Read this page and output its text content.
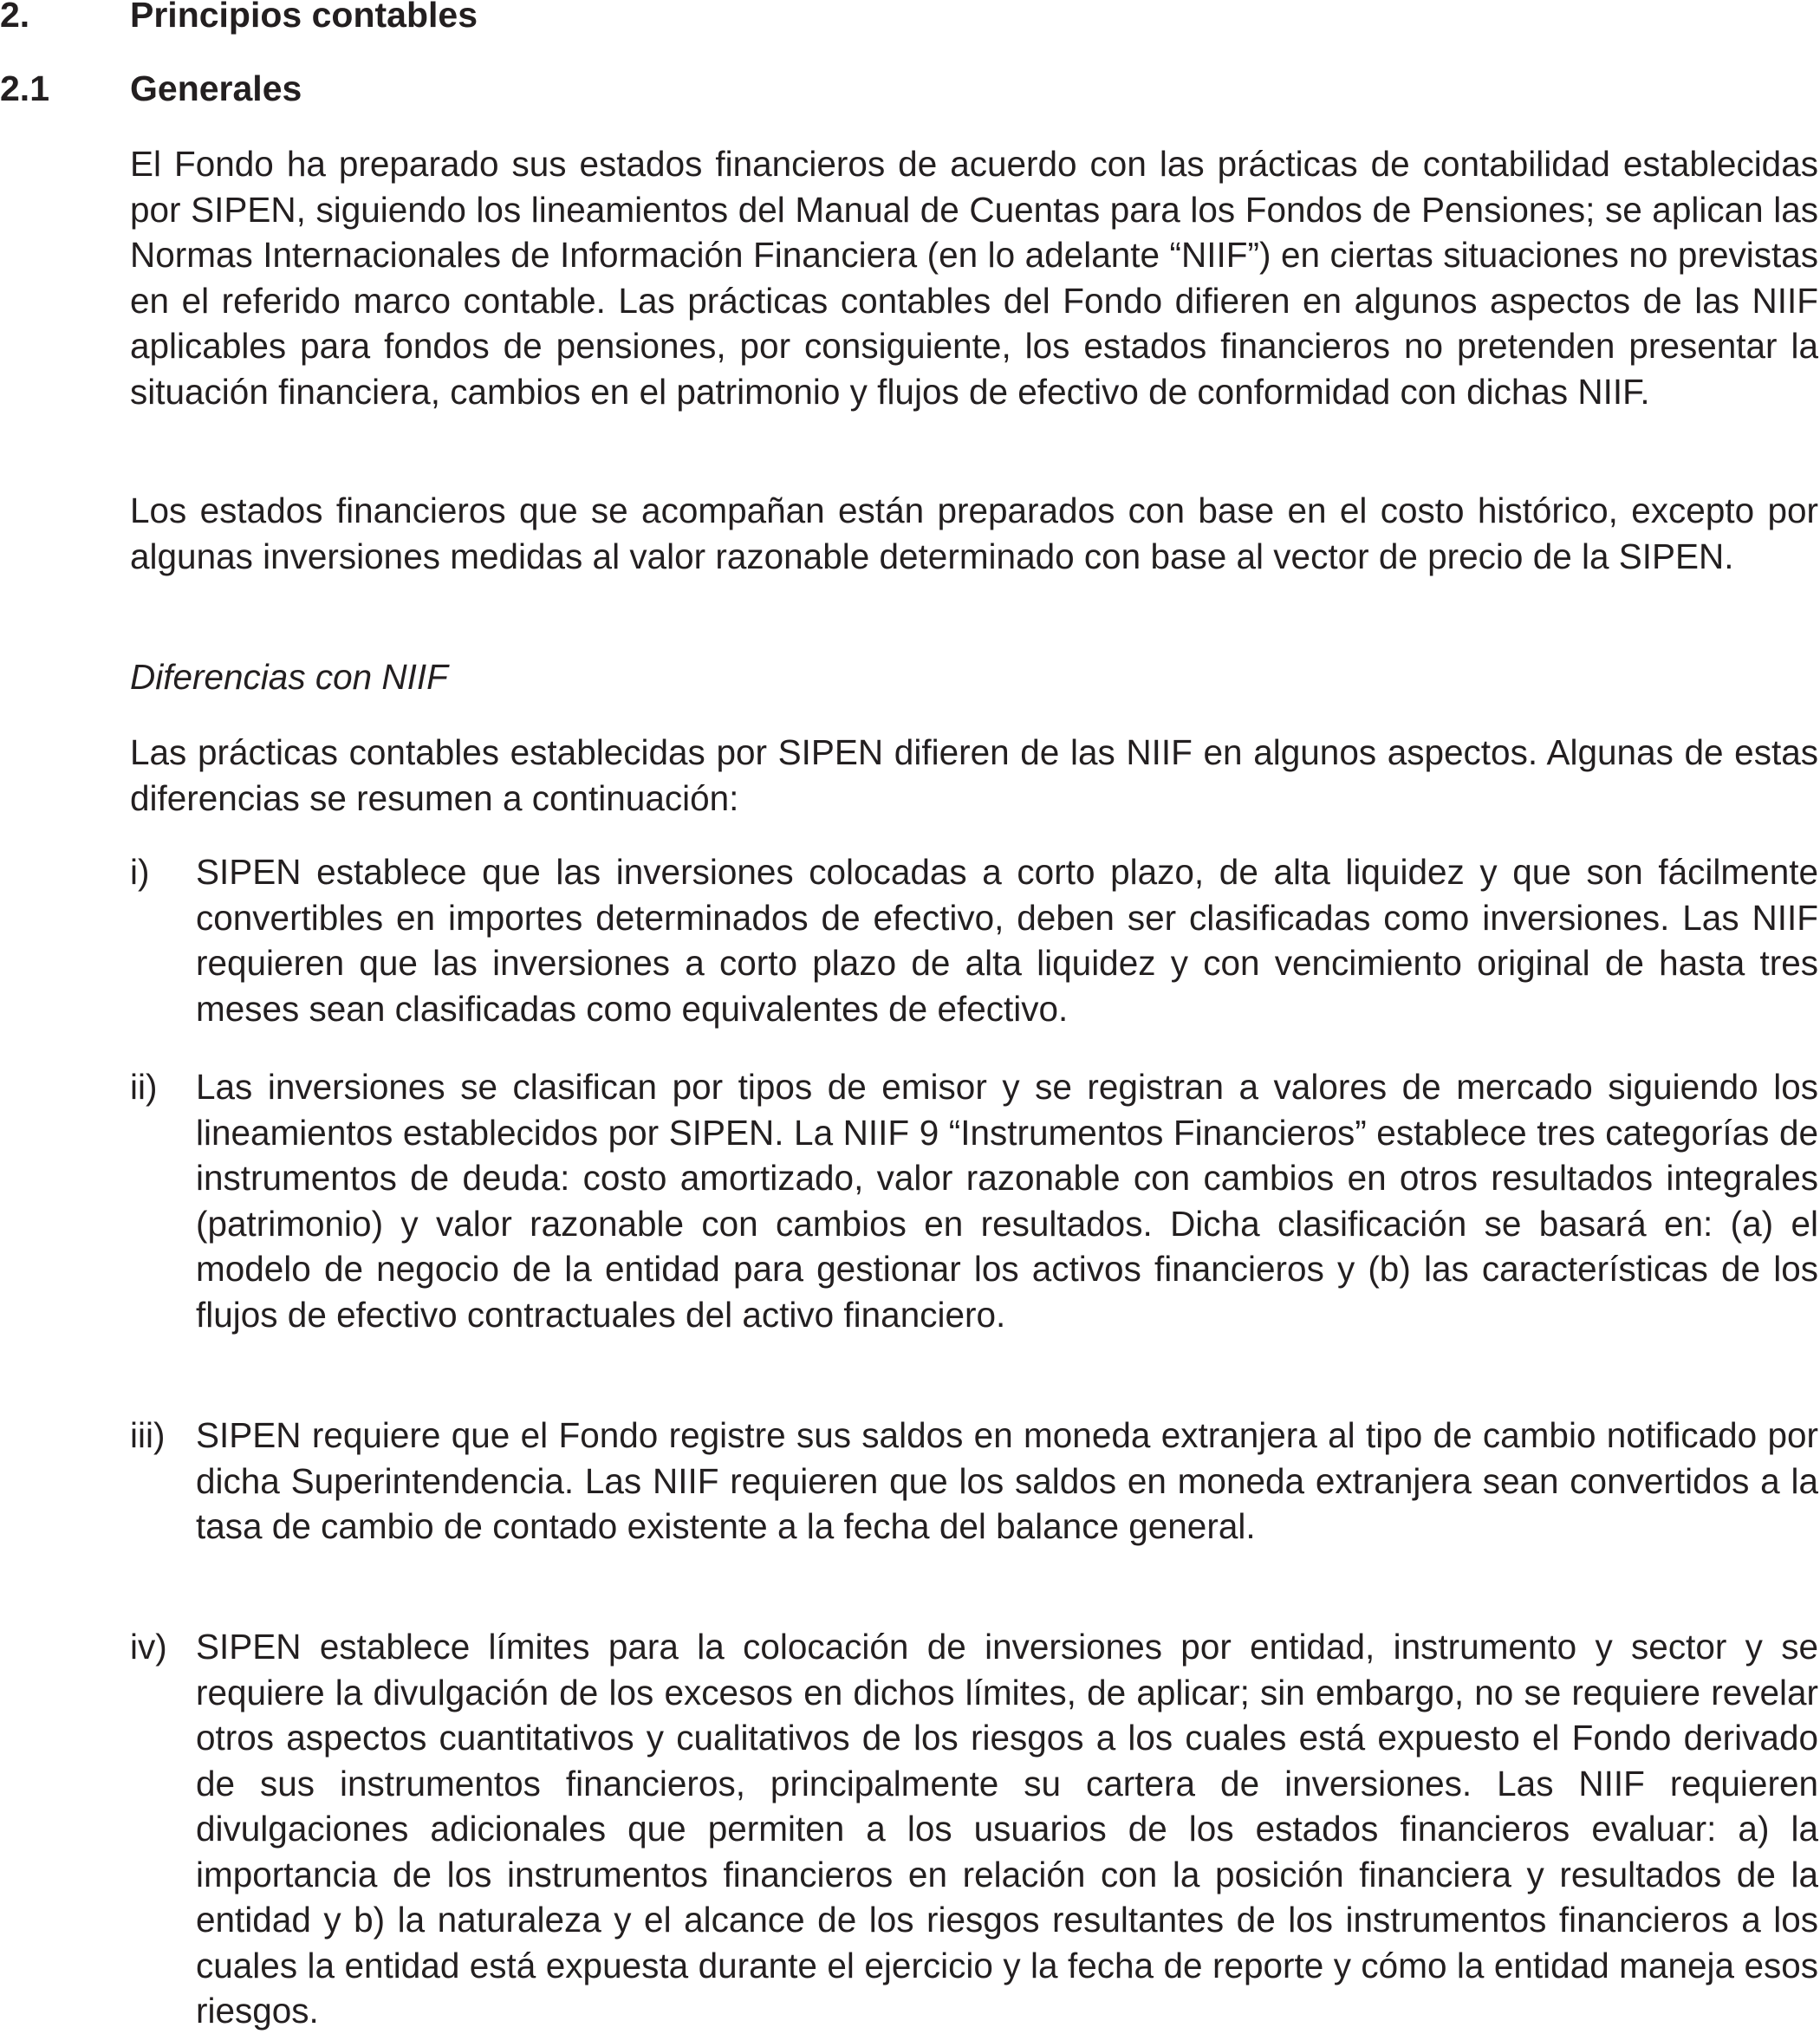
2.	Principios contables
2.1 Generales

El Fondo ha preparado sus estados financieros de acuerdo con las prácticas de contabilidad establecidas por SIPEN, siguiendo los lineamientos del Manual de Cuentas para los Fondos de Pensiones; se aplican las Normas Internacionales de Información Financiera (en lo adelante “NIIF”) en ciertas situaciones no previstas en el referido marco contable. Las prácticas contables del Fondo difieren en algunos aspectos de las NIIF aplicables para fondos de pensiones, por consiguiente, los estados financieros no pretenden presentar la situación financiera, cambios en el patrimonio y flujos de efectivo de conformidad con dichas NIIF.

Los estados financieros que se acompañan están preparados con base en el costo histórico, excepto por algunas inversiones medidas al valor razonable determinado con base al vector de precio de la SIPEN.

Diferencias con NIIF

Las prácticas contables establecidas por SIPEN difieren de las NIIF en algunos aspectos. Algunas de estas diferencias se resumen a continuación:

i) SIPEN establece que las inversiones colocadas a corto plazo, de alta liquidez y que son fácilmente convertibles en importes determinados de efectivo, deben ser clasificadas como inversiones. Las NIIF requieren que las inversiones a corto plazo de alta liquidez y con vencimiento original de hasta tres meses sean clasificadas como equivalentes de efectivo.

ii) Las inversiones se clasifican por tipos de emisor y se registran a valores de mercado siguiendo los lineamientos establecidos por SIPEN. La NIIF 9 “Instrumentos Financieros” establece tres categorías de instrumentos de deuda: costo amortizado, valor razonable con cambios en otros resultados integrales (patrimonio) y valor razonable con cambios en resultados. Dicha clasificación se basará en: (a) el modelo de negocio de la entidad para gestionar los activos financieros y (b) las características de los flujos de efectivo contractuales del activo financiero.

iii) SIPEN requiere que el Fondo registre sus saldos en moneda extranjera al tipo de cambio notificado por dicha Superintendencia. Las NIIF requieren que los saldos en moneda extranjera sean convertidos a la tasa de cambio de contado existente a la fecha del balance general.

iv) SIPEN establece límites para la colocación de inversiones por entidad, instrumento y sector y se requiere la divulgación de los excesos en dichos límites, de aplicar; sin embargo, no se requiere revelar otros aspectos cuantitativos y cualitativos de los riesgos a los cuales está expuesto el Fondo derivado de sus instrumentos financieros, principalmente su cartera de inversiones. Las NIIF requieren divulgaciones adicionales que permiten a los usuarios de los estados financieros evaluar: a) la importancia de los instrumentos financieros en relación con la posición financiera y resultados de la entidad y b) la naturaleza y el alcance de los riesgos resultantes de los instrumentos financieros a los cuales la entidad está expuesta durante el ejercicio y la fecha de reporte y cómo la entidad maneja esos riesgos.
